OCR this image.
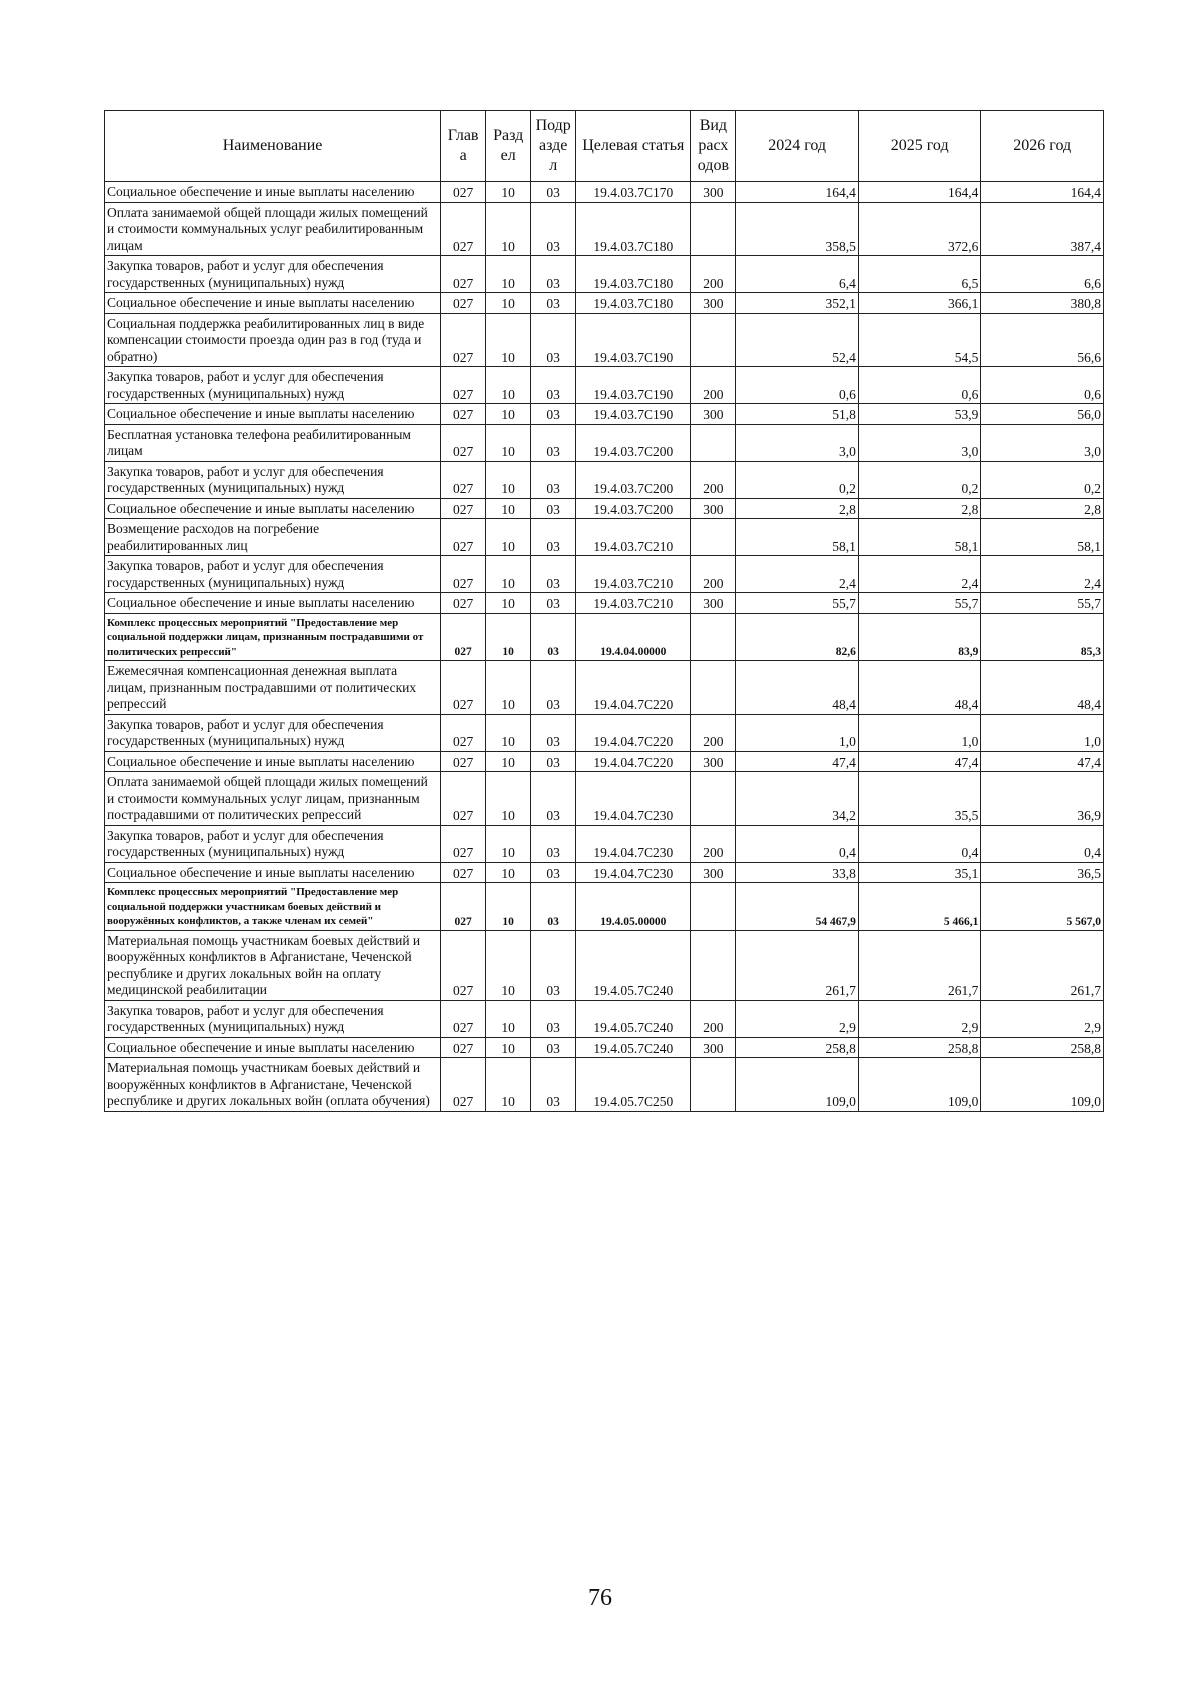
Наименование	Глав а	Разд ел	Подр азде л	Целевая статья	Вид расх одов	2024 год	2025 год	2026 год
Социальное обеспечение и иные выплаты населению	027	10	03	19.4.03.7С170	300	164,4	164,4	164,4
Оплата занимаемой общей площади жилых помещений и стоимости коммунальных услуг реабилитированным лицам	027	10	03	19.4.03.7С180		358,5	372,6	387,4
Закупка товаров, работ и услуг для обеспечения государственных (муниципальных) нужд	027	10	03	19.4.03.7С180	200	6,4	6,5	6,6
Социальное обеспечение и иные выплаты населению	027	10	03	19.4.03.7С180	300	352,1	366,1	380,8
Социальная поддержка реабилитированных лиц в виде компенсации стоимости проезда один раз в год (туда и обратно)	027	10	03	19.4.03.7С190		52,4	54,5	56,6
Закупка товаров, работ и услуг для обеспечения государственных (муниципальных) нужд	027	10	03	19.4.03.7С190	200	0,6	0,6	0,6
Социальное обеспечение и иные выплаты населению	027	10	03	19.4.03.7С190	300	51,8	53,9	56,0
Бесплатная установка телефона реабилитированным лицам	027	10	03	19.4.03.7С200		3,0	3,0	3,0
Закупка товаров, работ и услуг для обеспечения государственных (муниципальных) нужд	027	10	03	19.4.03.7С200	200	0,2	0,2	0,2
Социальное обеспечение и иные выплаты населению	027	10	03	19.4.03.7С200	300	2,8	2,8	2,8
Возмещение расходов на погребение реабилитированных лиц	027	10	03	19.4.03.7С210		58,1	58,1	58,1
Закупка товаров, работ и услуг для обеспечения государственных (муниципальных) нужд	027	10	03	19.4.03.7С210	200	2,4	2,4	2,4
Социальное обеспечение и иные выплаты населению	027	10	03	19.4.03.7С210	300	55,7	55,7	55,7
Комплекс процессных мероприятий "Предоставление мер социальной поддержки лицам, признанным пострадавшими от политических репрессий"	027	10	03	19.4.04.00000		82,6	83,9	85,3
Ежемесячная компенсационная денежная выплата лицам, признанным пострадавшими от политических репрессий	027	10	03	19.4.04.7С220		48,4	48,4	48,4
Закупка товаров, работ и услуг для обеспечения государственных (муниципальных) нужд	027	10	03	19.4.04.7С220	200	1,0	1,0	1,0
Социальное обеспечение и иные выплаты населению	027	10	03	19.4.04.7С220	300	47,4	47,4	47,4
Оплата занимаемой общей площади жилых помещений и стоимости коммунальных услуг лицам, признанным пострадавшими от политических репрессий	027	10	03	19.4.04.7С230		34,2	35,5	36,9
Закупка товаров, работ и услуг для обеспечения государственных (муниципальных) нужд	027	10	03	19.4.04.7С230	200	0,4	0,4	0,4
Социальное обеспечение и иные выплаты населению	027	10	03	19.4.04.7С230	300	33,8	35,1	36,5
Комплекс процессных мероприятий "Предоставление мер социальной поддержки участникам боевых действий и вооружённых конфликтов, а также членам их семей"	027	10	03	19.4.05.00000		54 467,9	5 466,1	5 567,0
Материальная помощь участникам боевых действий и вооружённых конфликтов в Афганистане, Чеченской республике и других локальных войн на оплату медицинской реабилитации	027	10	03	19.4.05.7С240		261,7	261,7	261,7
Закупка товаров, работ и услуг для обеспечения государственных (муниципальных) нужд	027	10	03	19.4.05.7С240	200	2,9	2,9	2,9
Социальное обеспечение и иные выплаты населению	027	10	03	19.4.05.7С240	300	258,8	258,8	258,8
Материальная помощь участникам боевых действий и вооружённых конфликтов в Афганистане, Чеченской республике и других локальных войн (оплата обучения)	027	10	03	19.4.05.7С250		109,0	109,0	109,0
76
